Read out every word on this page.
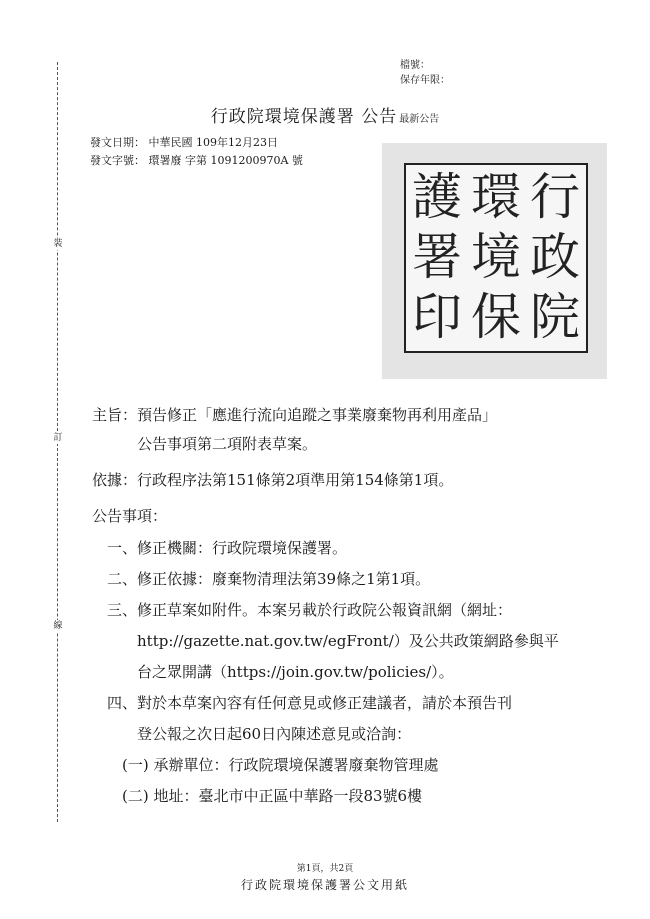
裝
訂
線
檔號：
保存年限：
行政院環境保護署 公告 最新公告
發文日期： 中華民國 109年12月23日
發文字號： 環署廢 字第 1091200970A 號
行
政
院
環
境
保
護
署
印
主旨：預告修正「應進行流向追蹤之事業廢棄物再利用產品」
公告事項第二項附表草案。
依據：行政程序法第151條第2項準用第154條第1項。
公告事項：
一、修正機關：行政院環境保護署。
二、修正依據：廢棄物清理法第39條之1第1項。
三、修正草案如附件。本案另載於行政院公報資訊網（網址：
http://gazette.nat.gov.tw/egFront/）及公共政策網路參與平
台之眾開講（https://join.gov.tw/policies/）。
四、對於本草案內容有任何意見或修正建議者，請於本預告刊
登公報之次日起60日內陳述意見或洽詢：
(一) 承辦單位：行政院環境保護署廢棄物管理處
(二) 地址：臺北市中正區中華路一段83號6樓
第1頁，共2頁
行政院環境保護署公文用紙
